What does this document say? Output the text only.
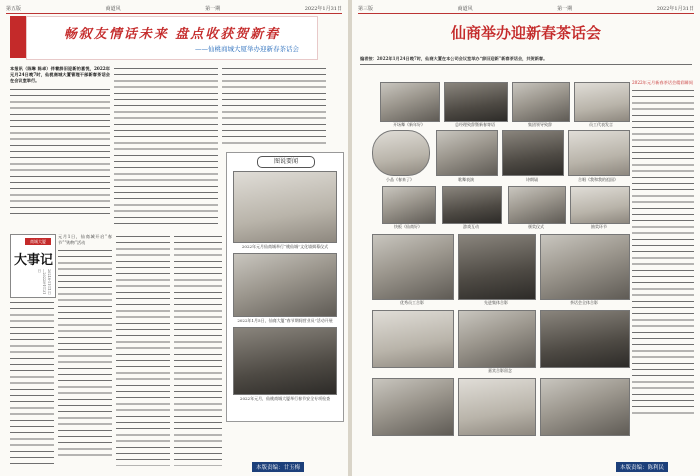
第五版	商道风	第一期	2022年1月31日
畅叙友情话未来 盘点收获贺新春
——仙桃商城大厦举办迎新春茶话会
本报讯（陈琳 陈卓）伴着辞旧迎新的喜悦，2022年元月24日晚7时，仙桃商城大厦管理干部新春茶话会在会议室举行。
图说要闻
2022年元月仙商城举行“桃仙城”文化墙揭幕仪式
2022年1月5日，仙商大厦“春节期间营业员”活动开展
2022年元月，仙桃商城大厦举行春节安全专项检查
商城大厦
大事记
2021年11月1日—2022年1月31日
元月1日，仙商城开启“春节”“购物”活动
本版责编：廿玉梅
第三版	商道风	第一期	2022年1月31日
仙商举办迎新春茶话会
编者按：2022年1月24日晚7时，仙商大厦在本公司会议室举办“辞旧迎新”新春茶话会，共贺新春。
2022年元月新春茶话会精彩瞬间
开场舞《新年好》	总经理致辞暨新春寄语	集团领导致辞	员工代表发言
小品《春来了》	歌舞表演	诗朗诵	合唱《我和我的祖国》
快板《仙商好》	游戏互动	颁奖仪式	抽奖环节
优秀员工合影	先进集体合影	茶话会全体合影
嘉宾合影留念
本版责编：陈利民
